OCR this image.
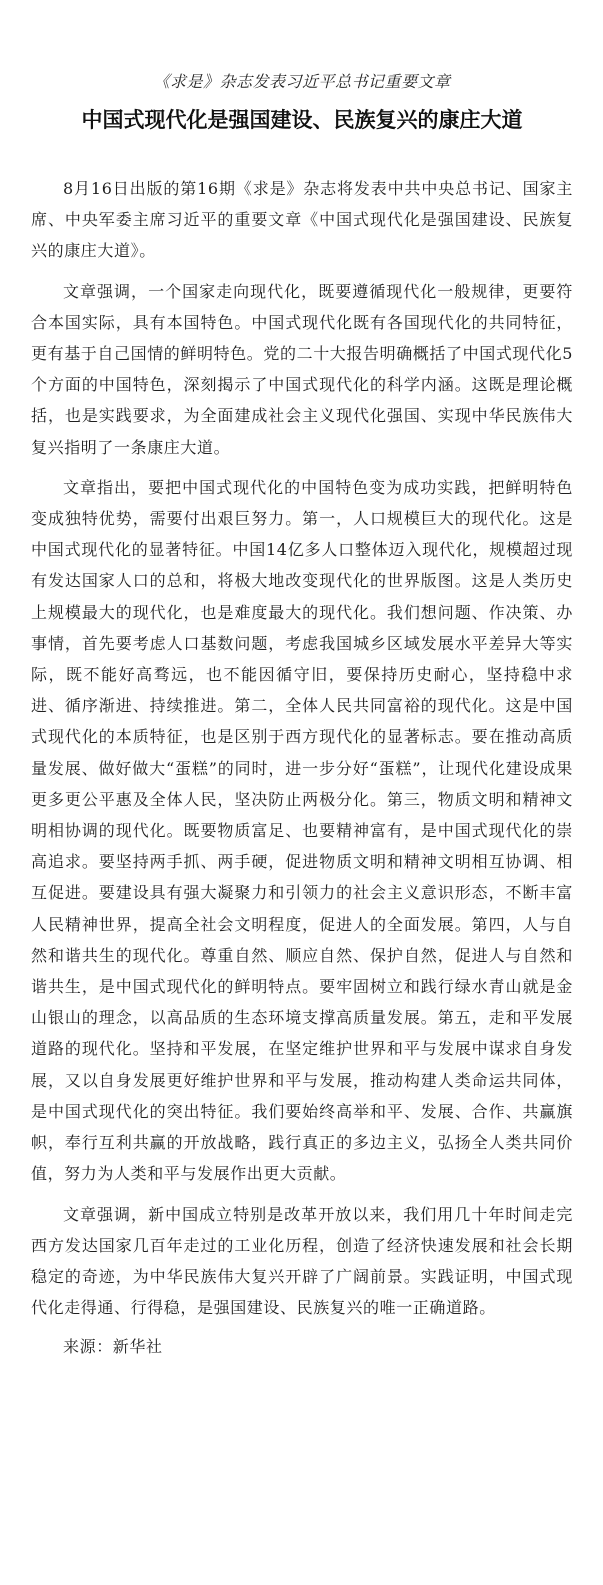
《求是》杂志发表习近平总书记重要文章
中国式现代化是强国建设、民族复兴的康庄大道

8月16日出版的第16期《求是》杂志将发表中共中央总书记、国家主席、中央军委主席习近平的重要文章《中国式现代化是强国建设、民族复兴的康庄大道》。

文章强调，一个国家走向现代化，既要遵循现代化一般规律，更要符合本国实际，具有本国特色。中国式现代化既有各国现代化的共同特征，更有基于自己国情的鲜明特色。党的二十大报告明确概括了中国式现代化5个方面的中国特色，深刻揭示了中国式现代化的科学内涵。这既是理论概括，也是实践要求，为全面建成社会主义现代化强国、实现中华民族伟大复兴指明了一条康庄大道。

文章指出，要把中国式现代化的中国特色变为成功实践，把鲜明特色变成独特优势，需要付出艰巨努力。第一，人口规模巨大的现代化。这是中国式现代化的显著特征。中国14亿多人口整体迈入现代化，规模超过现有发达国家人口的总和，将极大地改变现代化的世界版图。这是人类历史上规模最大的现代化，也是难度最大的现代化。我们想问题、作决策、办事情，首先要考虑人口基数问题，考虑我国城乡区域发展水平差异大等实际，既不能好高骛远，也不能因循守旧，要保持历史耐心，坚持稳中求进、循序渐进、持续推进。第二，全体人民共同富裕的现代化。这是中国式现代化的本质特征，也是区别于西方现代化的显著标志。要在推动高质量发展、做好做大“蛋糕”的同时，进一步分好“蛋糕”，让现代化建设成果更多更公平惠及全体人民，坚决防止两极分化。第三，物质文明和精神文明相协调的现代化。既要物质富足、也要精神富有，是中国式现代化的崇高追求。要坚持两手抓、两手硬，促进物质文明和精神文明相互协调、相互促进。要建设具有强大凝聚力和引领力的社会主义意识形态，不断丰富人民精神世界，提高全社会文明程度，促进人的全面发展。第四，人与自然和谐共生的现代化。尊重自然、顺应自然、保护自然，促进人与自然和谐共生，是中国式现代化的鲜明特点。要牢固树立和践行绿水青山就是金山银山的理念，以高品质的生态环境支撑高质量发展。第五，走和平发展道路的现代化。坚持和平发展，在坚定维护世界和平与发展中谋求自身发展，又以自身发展更好维护世界和平与发展，推动构建人类命运共同体，是中国式现代化的突出特征。我们要始终高举和平、发展、合作、共赢旗帜，奉行互利共赢的开放战略，践行真正的多边主义，弘扬全人类共同价值，努力为人类和平与发展作出更大贡献。

文章强调，新中国成立特别是改革开放以来，我们用几十年时间走完西方发达国家几百年走过的工业化历程，创造了经济快速发展和社会长期稳定的奇迹，为中华民族伟大复兴开辟了广阔前景。实践证明，中国式现代化走得通、行得稳，是强国建设、民族复兴的唯一正确道路。

来源：新华社
